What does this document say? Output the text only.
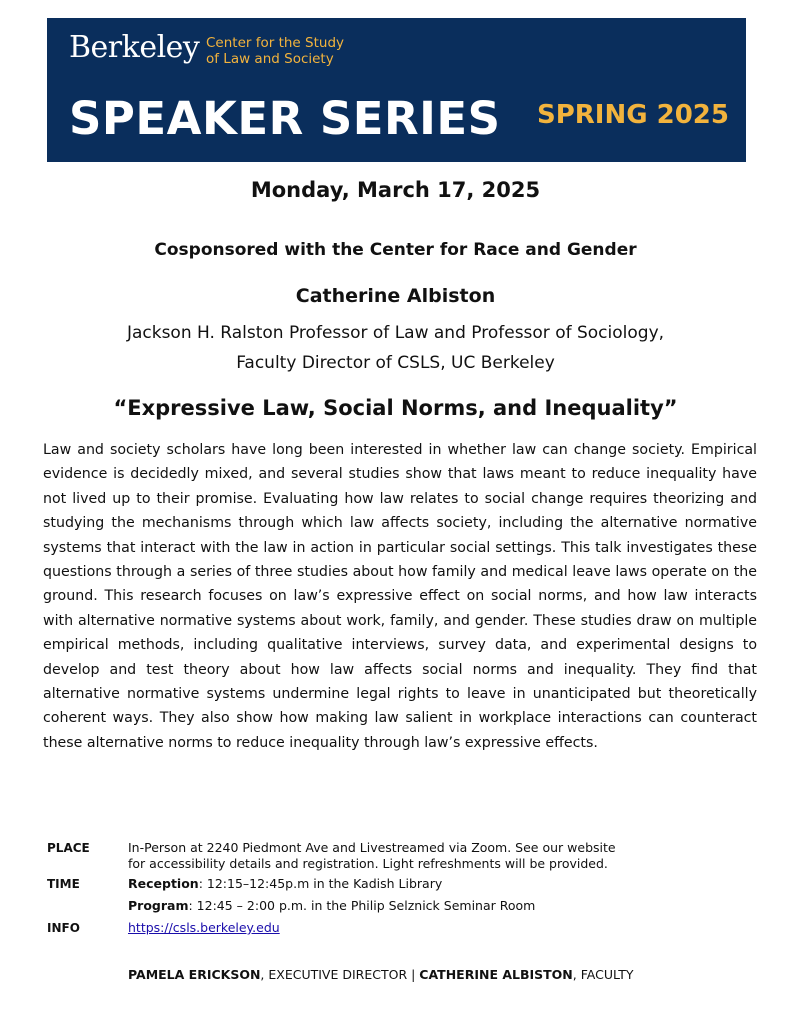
Berkeley Center for the Study
of Law and Society
SPEAKER SERIES SPRING 2025
Monday, March 17, 2025
Cosponsored with the Center for Race and Gender
Catherine Albiston
Jackson H. Ralston Professor of Law and Professor of Sociology,
Faculty Director of CSLS, UC Berkeley
“Expressive Law, Social Norms, and Inequality”

Law and society scholars have long been interested in whether law can change society. Empirical evidence is decidedly mixed, and several studies show that laws meant to reduce inequality have not lived up to their promise. Evaluating how law relates to social change requires theorizing and studying the mechanisms through which law affects society, including the alternative normative systems that interact with the law in action in particular social settings. This talk investigates these questions through a series of three studies about how family and medical leave laws operate on the ground. This research focuses on law’s expressive effect on social norms, and how law interacts with alternative normative systems about work, family, and gender. These studies draw on multiple empirical methods, including qualitative interviews, survey data, and experimental designs to develop and test theory about how law affects social norms and inequality. They find that alternative normative systems undermine legal rights to leave in unanticipated but theoretically coherent ways. They also show how making law salient in workplace interactions can counteract these alternative norms to reduce inequality through law’s expressive effects.

PLACE	In-Person at 2240 Piedmont Ave and Livestreamed via Zoom. See our website
for accessibility details and registration. Light refreshments will be provided.
TIME	Reception: 12:15–12:45p.m in the Kadish Library
Program: 12:45 – 2:00 p.m. in the Philip Selznick Seminar Room
INFO	https://csls.berkeley.edu
PAMELA ERICKSON, EXECUTIVE DIRECTOR | CATHERINE ALBISTON, FACULTY
